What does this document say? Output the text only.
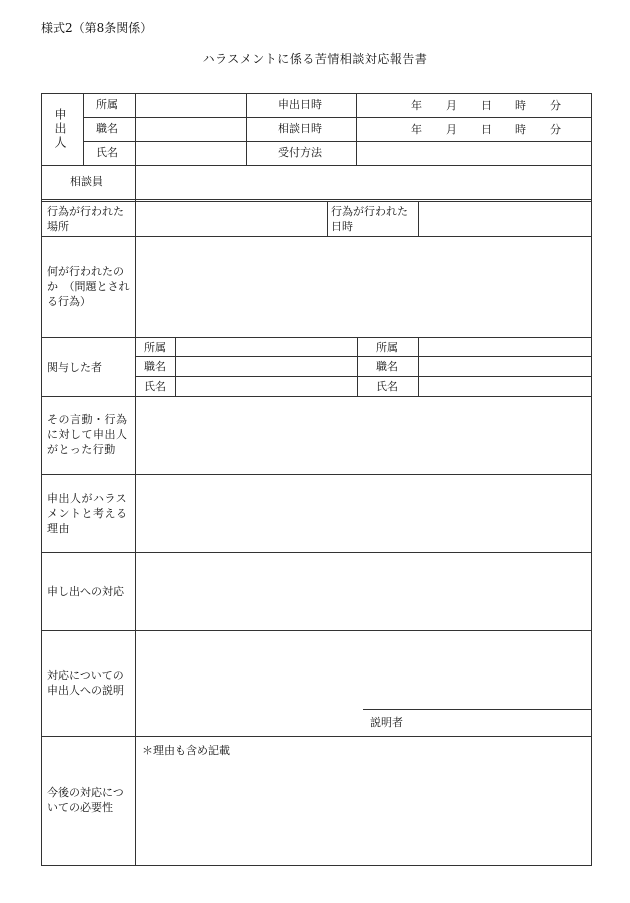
様式2（第8条関係）
ハラスメントに係る苦情相談対応報告書
申出人
所属
職名
氏名
申出日時
相談日時
受付方法
年 月 日 時 分
年 月 日 時 分
相談員
行為が行われた場所
行為が行われた日時
何が行われたのか　（問題とされる行為）
関与した者
所属
職名
氏名
所属
職名
氏名
その言動・行為に対して申出人がとった行動
申出人がハラスメントと考える理由
申し出への対応
対応についての申出人への説明
説明者
今後の対応についての必要性
＊理由も含め記載
